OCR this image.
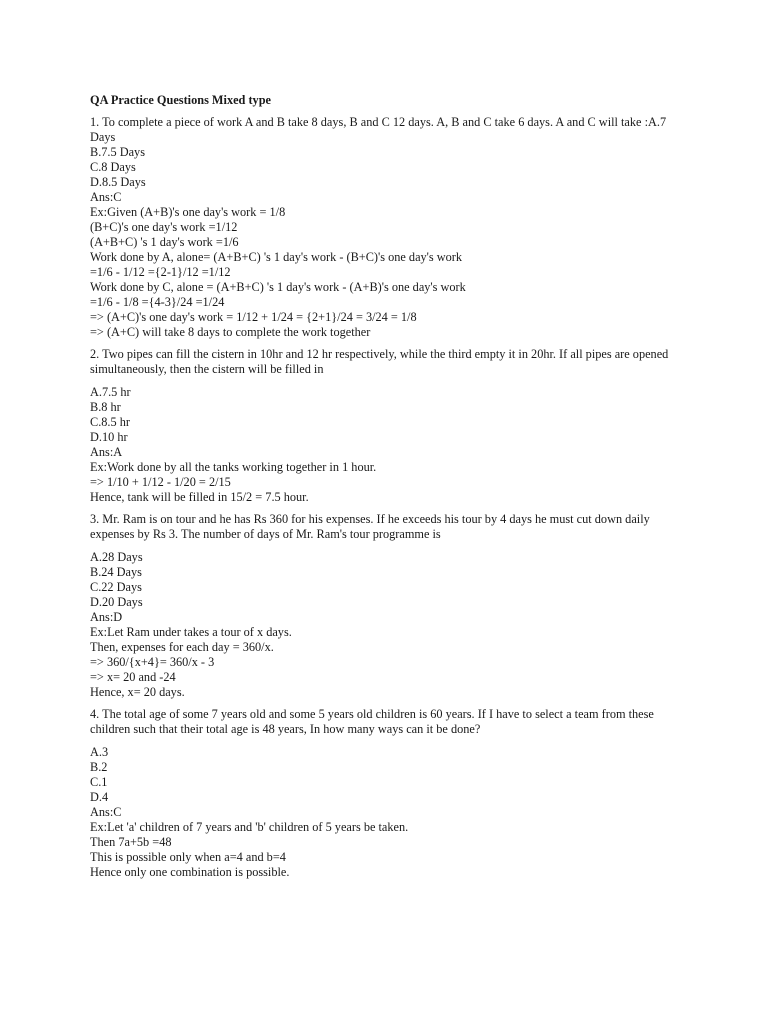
QA Practice Questions Mixed type

1. To complete a piece of work A and B take 8 days, B and C 12 days. A, B and C take 6 days. A and C will take :A.7 Days

B.7.5 Days
C.8 Days
D.8.5 Days
Ans:C
Ex:Given (A+B)'s one day's work = 1/8
(B+C)'s one day's work =1/12
(A+B+C) 's 1 day's work =1/6
Work done by A, alone= (A+B+C) 's 1 day's work - (B+C)'s one day's work
=1/6 - 1/12 ={2-1}/12 =1/12
Work done by C, alone = (A+B+C) 's 1 day's work - (A+B)'s one day's work
=1/6 - 1/8 ={4-3}/24 =1/24
=> (A+C)'s one day's work = 1/12 + 1/24 = {2+1}/24 = 3/24 = 1/8
=> (A+C) will take 8 days to complete the work together

2. Two pipes can fill the cistern in 10hr and 12 hr respectively, while the third empty it in 20hr. If all pipes are opened simultaneously, then the cistern will be filled in

A.7.5 hr
B.8 hr
C.8.5 hr
D.10 hr
Ans:A
Ex:Work done by all the tanks working together in 1 hour.
=> 1/10 + 1/12 - 1/20 = 2/15
Hence, tank will be filled in 15/2 = 7.5 hour.

3. Mr. Ram is on tour and he has Rs 360 for his expenses. If he exceeds his tour by 4 days he must cut down daily expenses by Rs 3. The number of days of Mr. Ram's tour programme is

A.28 Days
B.24 Days
C.22 Days
D.20 Days
Ans:D
Ex:Let Ram under takes a tour of x days.
Then, expenses for each day = 360/x.
=> 360/{x+4}= 360/x - 3
=> x= 20 and -24
Hence, x= 20 days.

4. The total age of some 7 years old and some 5 years old children is 60 years. If I have to select a team from these children such that their total age is 48 years, In how many ways can it be done?

A.3
B.2
C.1
D.4
Ans:C
Ex:Let 'a' children of 7 years and 'b' children of 5 years be taken.
Then 7a+5b =48
This is possible only when a=4 and b=4
Hence only one combination is possible.
